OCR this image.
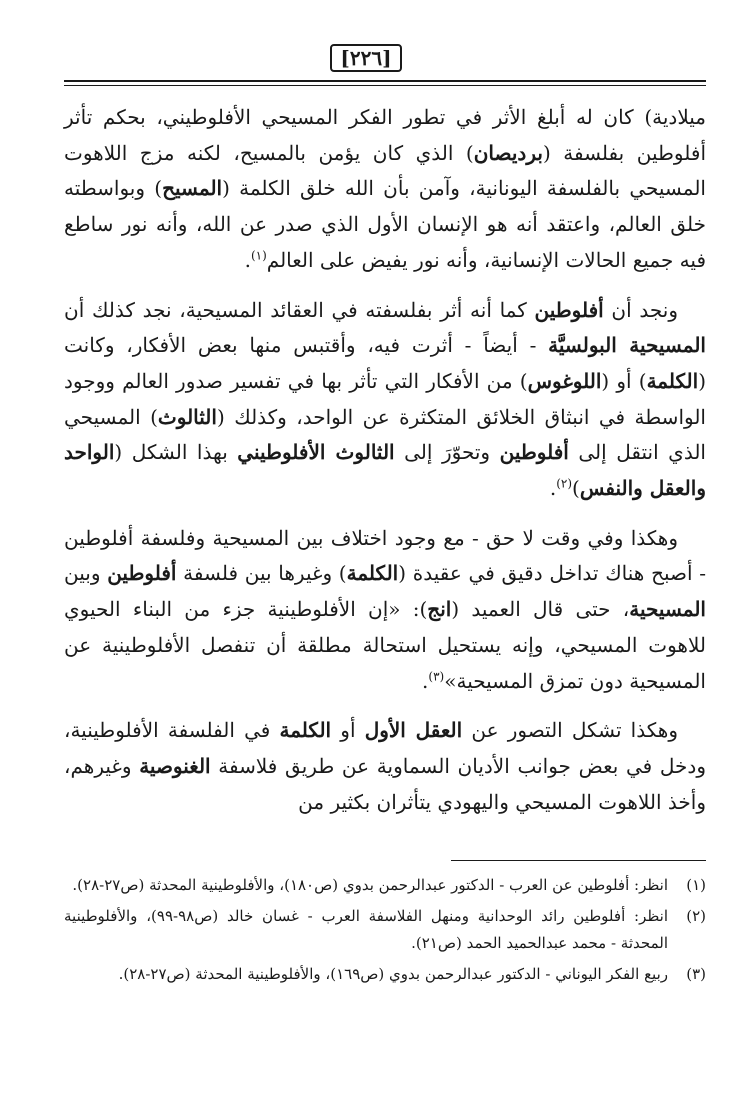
[٢٢٦]

ميلادية) كان له أبلغ الأثر في تطور الفكر المسيحي الأفلوطيني، بحكم تأثر أفلوطين بفلسفة (برديصان) الذي كان يؤمن بالمسيح، لكنه مزج اللاهوت المسيحي بالفلسفة اليونانية، وآمن بأن الله خلق الكلمة (المسيح) وبواسطته خلق العالم، واعتقد أنه هو الإنسان الأول الذي صدر عن الله، وأنه نور ساطع فيه جميع الحالات الإنسانية، وأنه نور يفيض على العالم$^{(١)}$.

ونجد أن أفلوطين كما أنه أثر بفلسفته في العقائد المسيحية، نجد كذلك أن المسيحية البولسيَّة - أيضاً - أثرت فيه، وأقتبس منها بعض الأفكار، وكانت (الكلمة) أو (اللوغوس) من الأفكار التي تأثر بها في تفسير صدور العالم ووجود الواسطة في انبثاق الخلائق المتكثرة عن الواحد، وكذلك (الثالوث) المسيحي الذي انتقل إلى أفلوطين وتحوّرَ إلى الثالوث الأفلوطيني بهذا الشكل (الواحد والعقل والنفس)$^{(٢)}$.

وهكذا وفي وقت لا حق - مع وجود اختلاف بين المسيحية وفلسفة أفلوطين - أصبح هناك تداخل دقيق في عقيدة (الكلمة) وغيرها بين فلسفة أفلوطين وبين المسيحية، حتى قال العميد (انج): «إن الأفلوطينية جزء من البناء الحيوي للاهوت المسيحي، وإنه يستحيل استحالة مطلقة أن تنفصل الأفلوطينية عن المسيحية دون تمزق المسيحية»$^{(٣)}$.

وهكذا تشكل التصور عن العقل الأول أو الكلمة في الفلسفة الأفلوطينية، ودخل في بعض جوانب الأديان السماوية عن طريق فلاسفة الغنوصية وغيرهم، وأخذ اللاهوت المسيحي واليهودي يتأثران بكثير من

(١)
انظر: أفلوطين عن العرب - الدكتور عبدالرحمن بدوي (ص١٨٠)، والأفلوطينية المحدثة (ص٢٧-٢٨).
(٢)
انظر: أفلوطين رائد الوحدانية ومنهل الفلاسفة العرب - غسان خالد (ص٩٨-٩٩)، والأفلوطينية المحدثة - محمد عبدالحميد الحمد (ص٢١).
(٣)
ربيع الفكر اليوناني - الدكتور عبدالرحمن بدوي (ص١٦٩)، والأفلوطينية المحدثة (ص٢٧-٢٨).
